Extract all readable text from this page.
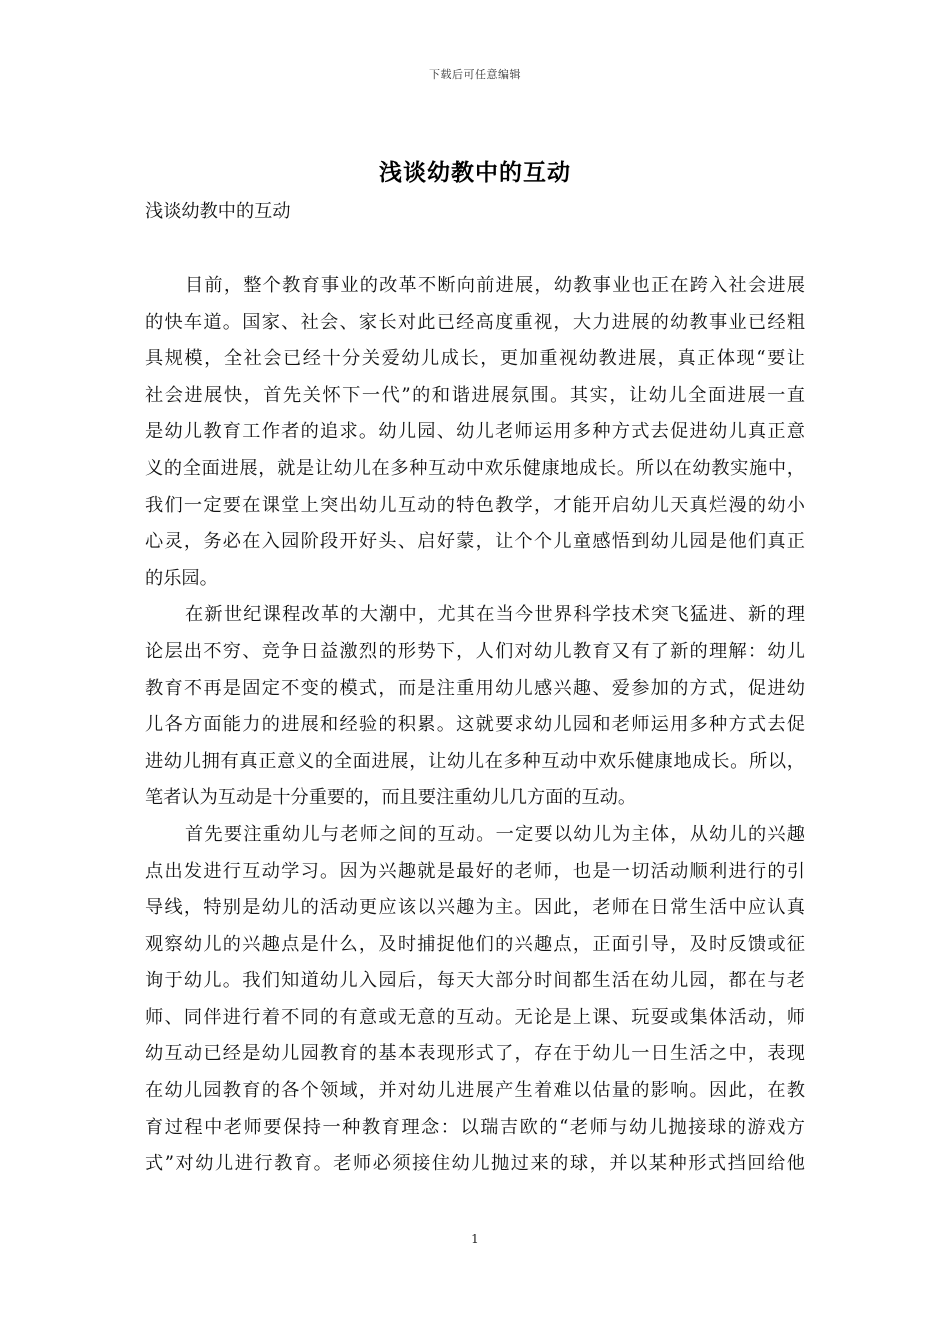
下载后可任意编辑
浅谈幼教中的互动
浅谈幼教中的互动
目前，整个教育事业的改革不断向前进展，幼教事业也正在跨入社会进展
的快车道。国家、社会、家长对此已经高度重视，大力进展的幼教事业已经粗
具规模，全社会已经十分关爱幼儿成长，更加重视幼教进展，真正体现“要让
社会进展快，首先关怀下一代”的和谐进展氛围。其实，让幼儿全面进展一直
是幼儿教育工作者的追求。幼儿园、幼儿老师运用多种方式去促进幼儿真正意
义的全面进展，就是让幼儿在多种互动中欢乐健康地成长。所以在幼教实施中，
我们一定要在课堂上突出幼儿互动的特色教学，才能开启幼儿天真烂漫的幼小
心灵，务必在入园阶段开好头、启好蒙，让个个儿童感悟到幼儿园是他们真正
的乐园。
在新世纪课程改革的大潮中，尤其在当今世界科学技术突飞猛进、新的理
论层出不穷、竞争日益激烈的形势下，人们对幼儿教育又有了新的理解：幼儿
教育不再是固定不变的模式，而是注重用幼儿感兴趣、爱参加的方式，促进幼
儿各方面能力的进展和经验的积累。这就要求幼儿园和老师运用多种方式去促
进幼儿拥有真正意义的全面进展，让幼儿在多种互动中欢乐健康地成长。所以，
笔者认为互动是十分重要的，而且要注重幼儿几方面的互动。
首先要注重幼儿与老师之间的互动。一定要以幼儿为主体，从幼儿的兴趣
点出发进行互动学习。因为兴趣就是最好的老师，也是一切活动顺利进行的引
导线，特别是幼儿的活动更应该以兴趣为主。因此，老师在日常生活中应认真
观察幼儿的兴趣点是什么，及时捕捉他们的兴趣点，正面引导，及时反馈或征
询于幼儿。我们知道幼儿入园后，每天大部分时间都生活在幼儿园，都在与老
师、同伴进行着不同的有意或无意的互动。无论是上课、玩耍或集体活动，师
幼互动已经是幼儿园教育的基本表现形式了，存在于幼儿一日生活之中，表现
在幼儿园教育的各个领域，并对幼儿进展产生着难以估量的影响。因此，在教
育过程中老师要保持一种教育理念：以瑞吉欧的“老师与幼儿抛接球的游戏方
式”对幼儿进行教育。老师必须接住幼儿抛过来的球，并以某种形式挡回给他
1
